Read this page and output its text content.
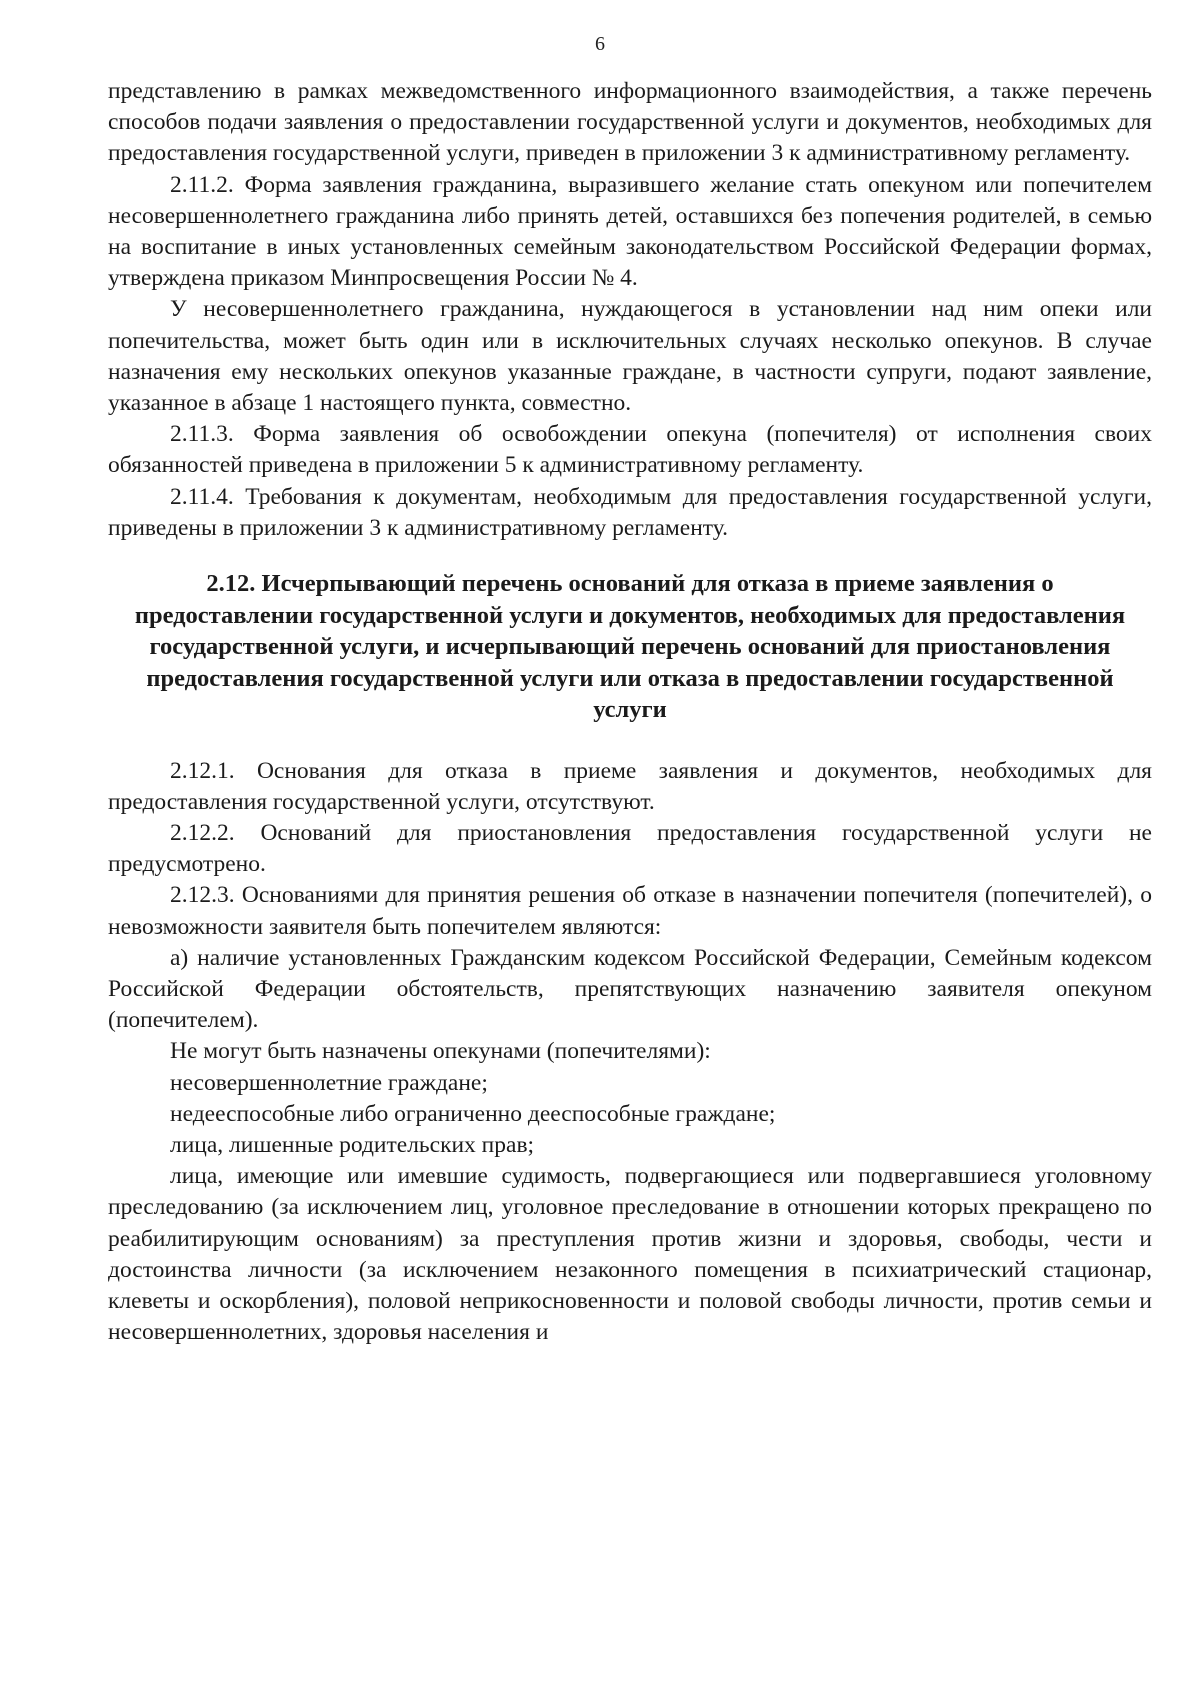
6

представлению в рамках межведомственного информационного взаимодействия, а также перечень способов подачи заявления о предоставлении государственной услуги и документов, необходимых для предоставления государственной услуги, приведен в приложении 3 к административному регламенту.

2.11.2. Форма заявления гражданина, выразившего желание стать опекуном или попечителем несовершеннолетнего гражданина либо принять детей, оставшихся без попечения родителей, в семью на воспитание в иных установленных семейным законодательством Российской Федерации формах, утверждена приказом Минпросвещения России № 4.

У несовершеннолетнего гражданина, нуждающегося в установлении над ним опеки или попечительства, может быть один или в исключительных случаях несколько опекунов. В случае назначения ему нескольких опекунов указанные граждане, в частности супруги, подают заявление, указанное в абзаце 1 настоящего пункта, совместно.

2.11.3. Форма заявления об освобождении опекуна (попечителя) от исполнения своих обязанностей приведена в приложении 5 к административному регламенту.

2.11.4. Требования к документам, необходимым для предоставления государственной услуги, приведены в приложении 3 к административному регламенту.

2.12. Исчерпывающий перечень оснований для отказа в приеме заявления о предоставлении государственной услуги и документов, необходимых для предоставления государственной услуги, и исчерпывающий перечень оснований для приостановления предоставления государственной услуги или отказа в предоставлении государственной услуги

2.12.1. Основания для отказа в приеме заявления и документов, необходимых для предоставления государственной услуги, отсутствуют.

2.12.2. Оснований для приостановления предоставления государственной услуги не предусмотрено.

2.12.3. Основаниями для принятия решения об отказе в назначении попечителя (попечителей), о невозможности заявителя быть попечителем являются:

а) наличие установленных Гражданским кодексом Российской Федерации, Семейным кодексом Российской Федерации обстоятельств, препятствующих назначению заявителя опекуном (попечителем).

Не могут быть назначены опекунами (попечителями):

несовершеннолетние граждане;

недееспособные либо ограниченно дееспособные граждане;

лица, лишенные родительских прав;

лица, имеющие или имевшие судимость, подвергающиеся или подвергавшиеся уголовному преследованию (за исключением лиц, уголовное преследование в отношении которых прекращено по реабилитирующим основаниям) за преступления против жизни и здоровья, свободы, чести и достоинства личности (за исключением незаконного помещения в психиатрический стационар, клеветы и оскорбления), половой неприкосновенности и половой свободы личности, против семьи и несовершеннолетних, здоровья населения и
